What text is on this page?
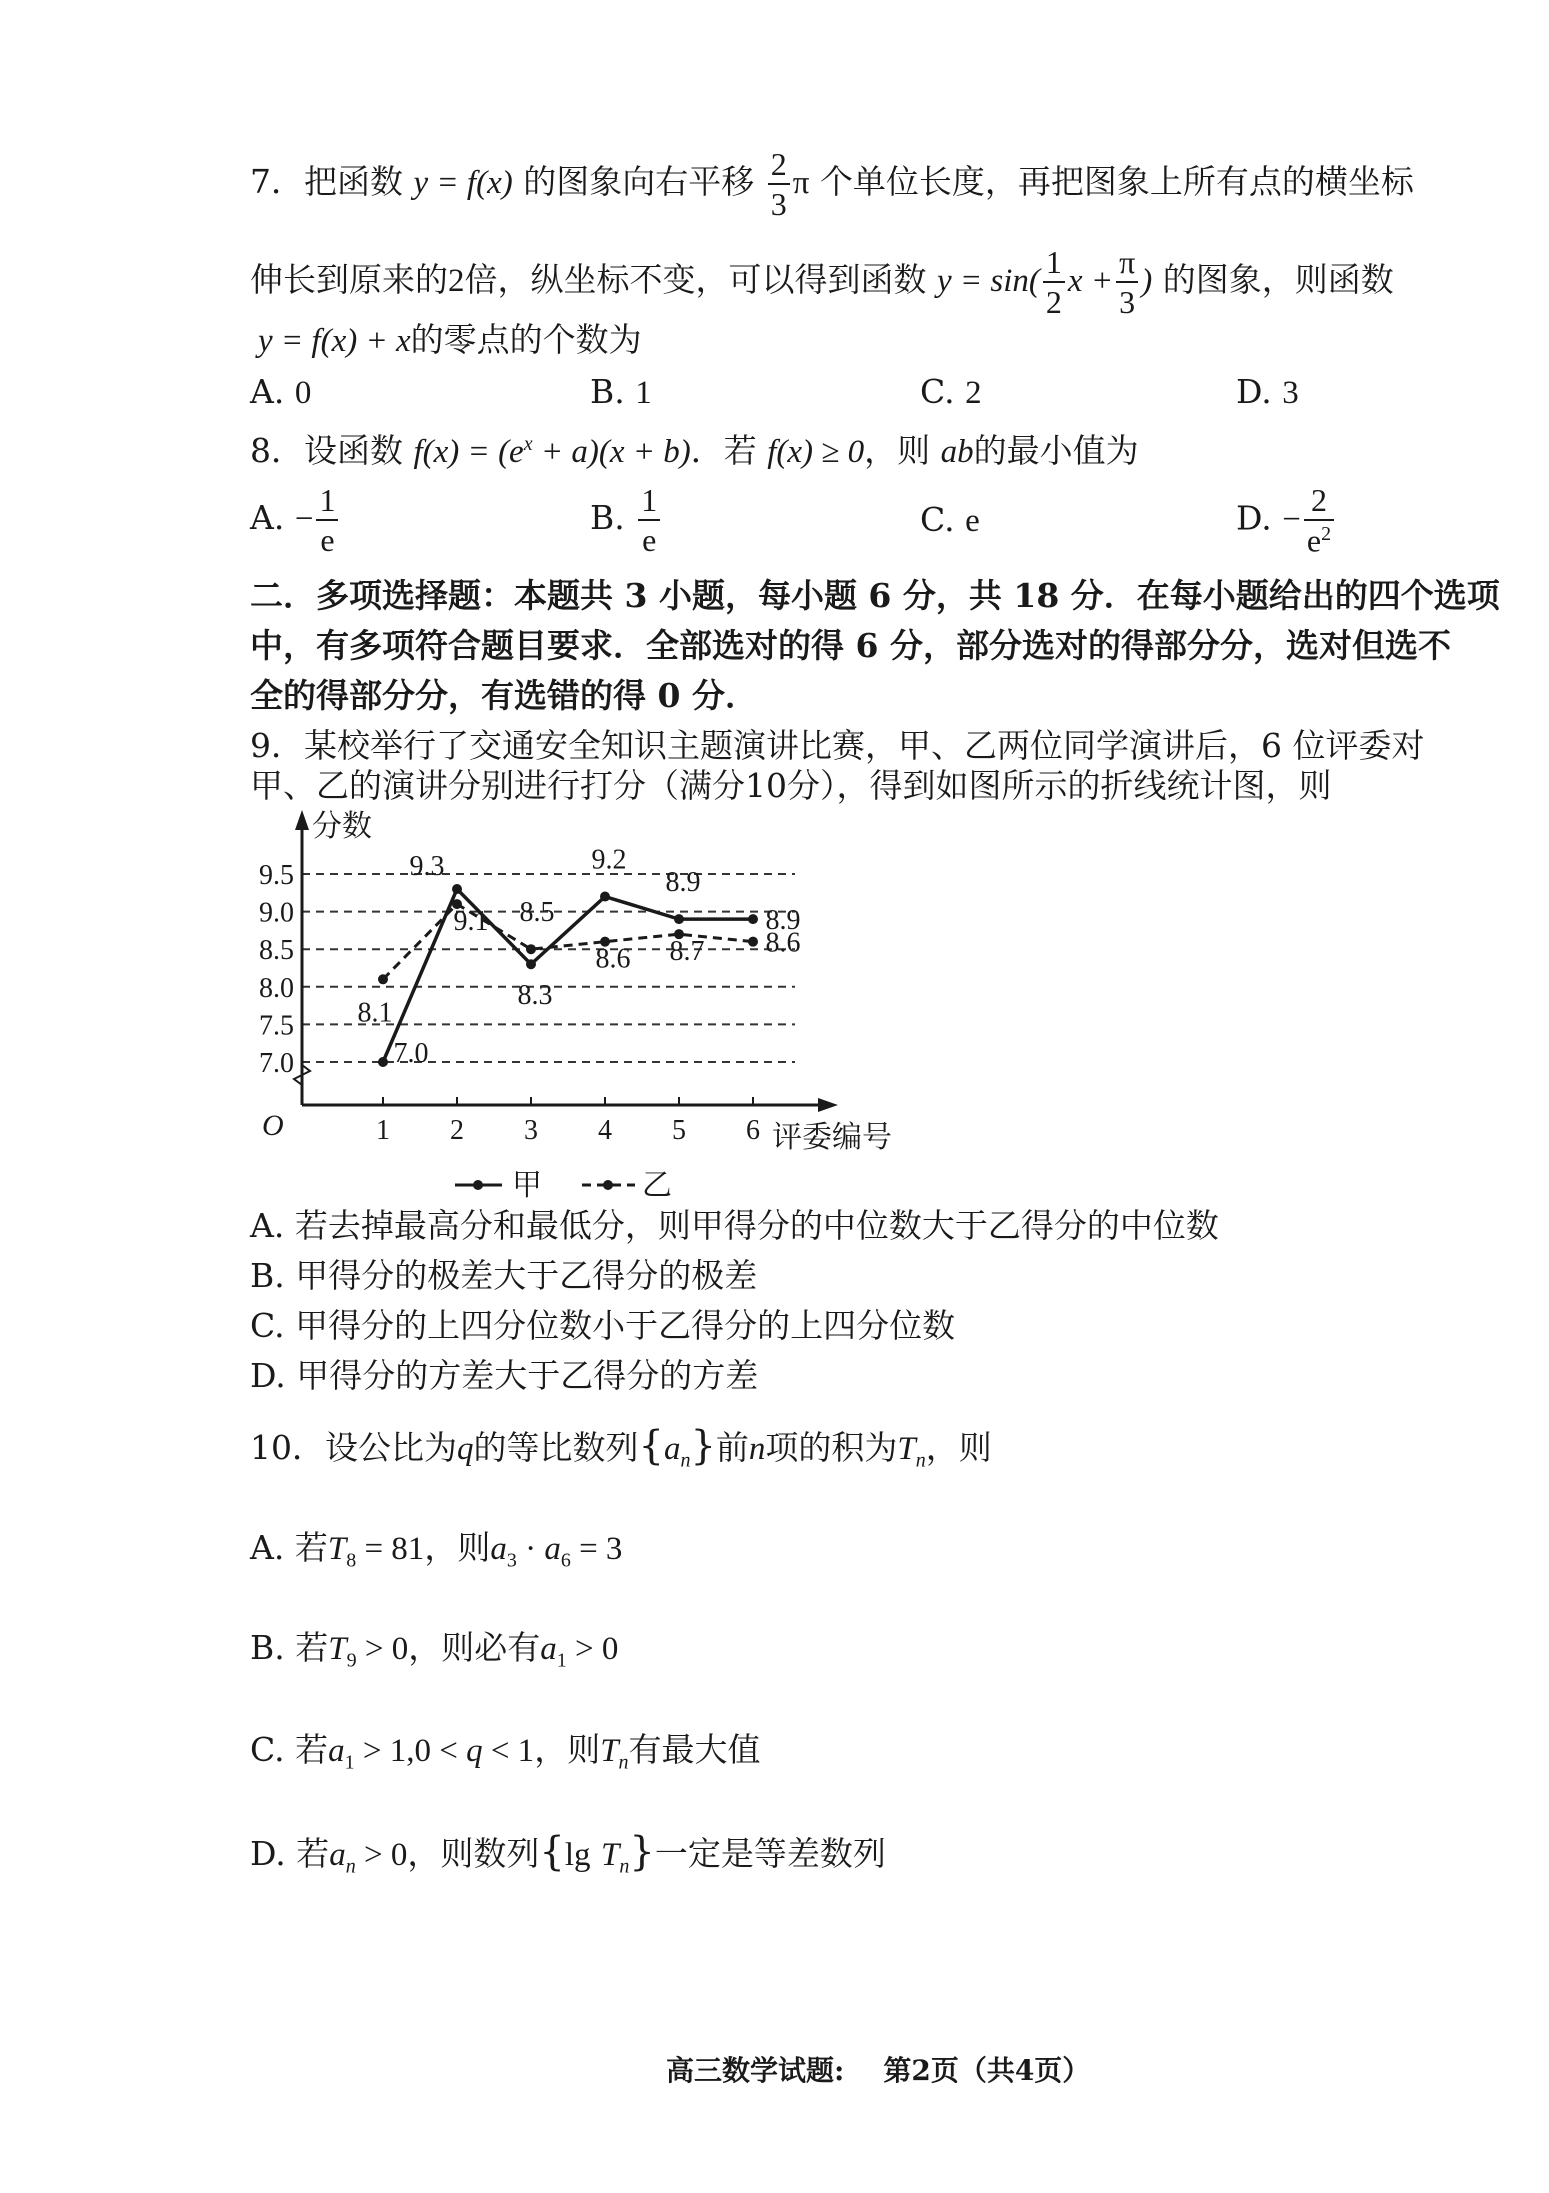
7．把函数 y = f(x) 的图象向右平移 $\frac{2}{3}$ π 个单位长度，再把图象上所有点的横坐标
伸长到原来的2倍，纵坐标不变，可以得到函数 $y = \sin( \frac{1}{2}$ $x + \frac{\pi}{3}$ ) 的图象，则函数
y = f(x) + x的零点的个数为
A. 0	B. 1	C. 2	D. 3
8．设函数 $f(x) = (e^x + a)(x + b)$．若 f(x) ≥ 0，则 ab的最小值为
A. − $\frac{1}{e}$	B. $\frac{1}{e}$	C. e	D. − $\frac{2}{e^2}$
二．多项选择题：本题共 3 小题，每小题 6 分，共 18 分．在每小题给出的四个选项
中，有多项符合题目要求．全部选对的得 6 分，部分选对的得部分分，选对但选不
全的得部分分，有选错的得 0 分．
9．某校举行了交通安全知识主题演讲比赛，甲、乙两位同学演讲后，6 位评委对
甲、乙的演讲分别进行打分（满分10分），得到如图所示的折线统计图，则
7.0
7.5
8.0
8.5
9.0
9.5
分数
O	评委编号
1 2 3 4 5 6
7.0
9.3
8.3
9.2
8.9
8.9
8.1
9.1 8.5
8.6 8.7 8.6
甲	乙
A. 若去掉最高分和最低分，则甲得分的中位数大于乙得分的中位数
B. 甲得分的极差大于乙得分的极差
C. 甲得分的上四分位数小于乙得分的上四分位数
D. 甲得分的方差大于乙得分的方差
10．设公比为q的等比数列$\{a_n\}$前n项的积为$T_n$，则
A. 若$T_8 = 81$，则$a_3 \cdot a_6 = 3$
B. 若$T_9 > 0$，则必有$a_1 > 0$
C. 若$a_1 > 1,0 < q < 1$，则$T_n$有最大值
D. 若$a_n > 0$，则数列{lg $T_n$}一定是等差数列
高三数学试题: 第2页（共4页）
